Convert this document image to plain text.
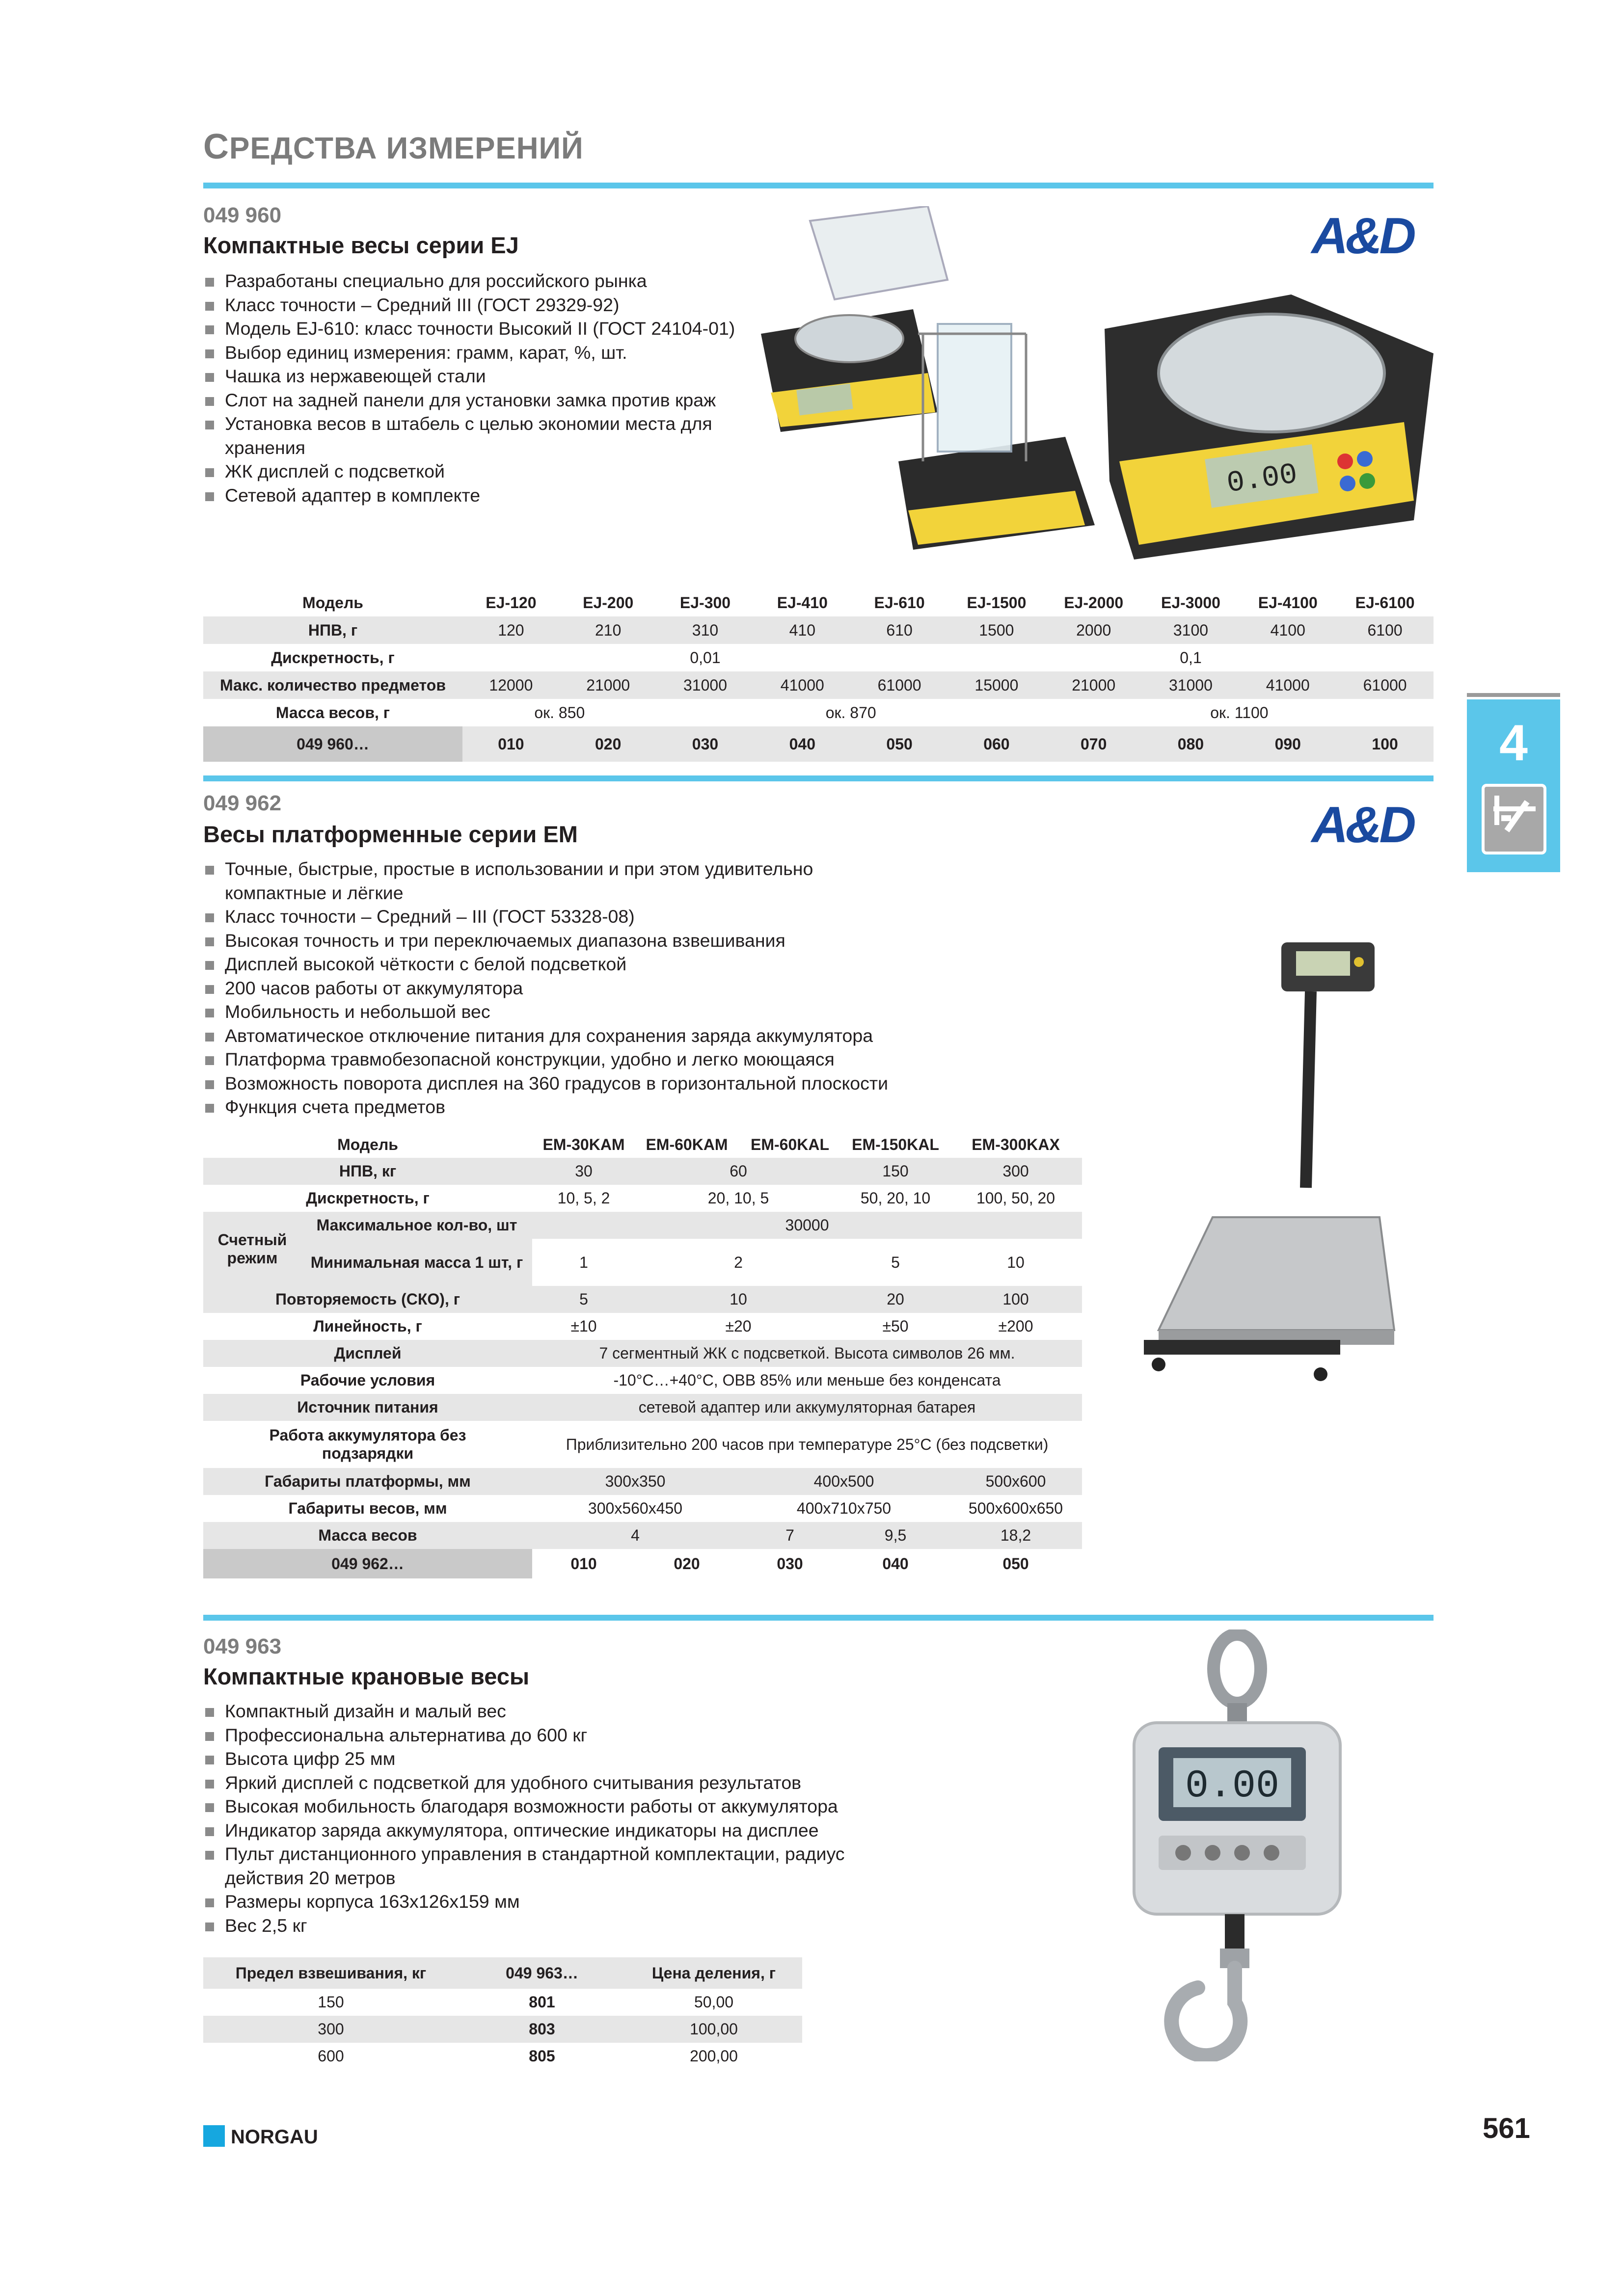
СРЕДСТВА ИЗМЕРЕНИЙ
4
049 960
Компактные весы серии EJ
Разработаны специально для российского рынка
Класс точности – Средний III (ГОСТ 29329-92)
Модель EJ-610: класс точности Высокий II (ГОСТ 24104-01)
Выбор единиц измерения: грамм, карат, %, шт.
Чашка из нержавеющей стали
Слот на задней панели для установки замка против краж
Установка весов в штабель с целью экономии места для хранения
ЖК дисплей с подсветкой
Сетевой адаптер в комплекте
A&D
0.00
Модель	EJ-120	EJ-200	EJ-300	EJ-410	EJ-610	EJ-1500	EJ-2000	EJ-3000	EJ-4100	EJ-6100
НПВ, г	120	210	310	410	610	1500	2000	3100	4100	6100
Дискретность, г	0,01					0,1				
Макс. количество предметов	12000	21000	31000	41000	61000	15000	21000	31000	41000	61000
Масса весов, г	ок. 850		ок. 870				ок. 1100			
049 960…	010	020	030	040	050	060	070	080	090	100
049 962
Весы платформенные серии EM
Точные, быстрые, простые в использовании и при этом удивительно компактные и лёгкие
Класс точности – Средний – III (ГОСТ 53328-08)
Высокая точность и три переключаемых диапазона взвешивания
Дисплей высокой чёткости с белой подсветкой
200 часов работы от аккумулятора
Мобильность и небольшой вес
Автоматическое отключение питания для сохранения заряда аккумулятора
Платформа травмобезопасной конструкции, удобно и легко моющаяся
Возможность поворота дисплея на 360 градусов в горизонтальной плоскости
Функция счета предметов
A&D
Модель		EM-30KAM	EM-60KAM	EM-60KAL	EM-150KAL	EM-300KAX
НПВ, кг		30	60		150	300
Дискретность, г		10, 5, 2	20, 10, 5		50, 20, 10	100, 50, 20
Счетный режим	Максимальное кол-во, шт	30000				
	Минимальная масса 1 шт, г	1	2		5	10
Повторяемость (СКО), г		5	10		20	100
Линейность, г		±10	±20		±50	±200
Дисплей		7 сегментный ЖК с подсветкой. Высота символов 26 мм.				
Рабочие условия		-10°C…+40°C, ОВВ 85% или меньше без конденсата				
Источник питания		сетевой адаптер или аккумуляторная батарея				
Работа аккумулятора без подзарядки		Приблизительно 200 часов при температуре 25°C (без подсветки)				
Габариты платформы, мм		300x350		400x500		500x600
Габариты весов, мм		300x560x450		400x710x750		500x600x650
Масса весов		4		7	9,5	18,2
049 962…		010	020	030	040	050
049 963
Компактные крановые весы
Компактный дизайн и малый вес
Профессиональна альтернатива до 600 кг
Высота цифр 25 мм
Яркий дисплей с подсветкой для удобного считывания результатов
Высокая мобильность благодаря возможности работы от аккумулятора
Индикатор заряда аккумулятора, оптические индикаторы на дисплее
Пульт дистанционного управления в стандартной комплектации, радиус действия 20 метров
Размеры корпуса 163x126x159 мм
Вес 2,5 кг
0.00
Предел взвешивания, кг	049 963…	Цена деления, г
150	801	50,00
300	803	100,00
600	805	200,00
NORGAU	561
